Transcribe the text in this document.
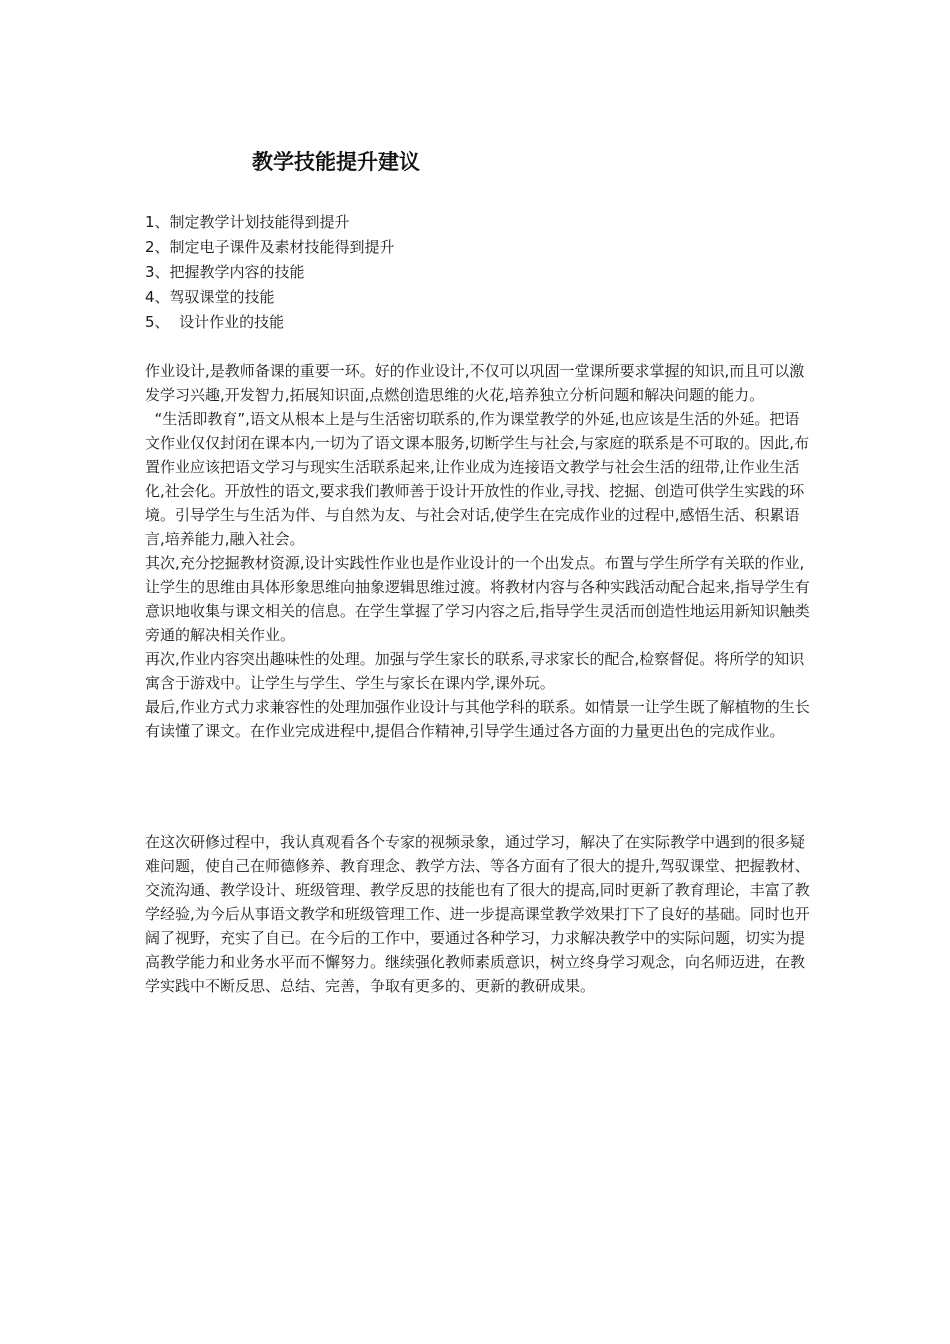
教学技能提升建议
1、制定教学计划技能得到提升
2、制定电子课件及素材技能得到提升
3、把握教学内容的技能
4、驾驭课堂的技能
5、  设计作业的技能

作业设计,是教师备课的重要一环。好的作业设计,不仅可以巩固一堂课所要求掌握的知识,而且可以激发学习兴趣,开发智力,拓展知识面,点燃创造思维的火花,培养独立分析问题和解决问题的能力。

“生活即教育”,语文从根本上是与生活密切联系的,作为课堂教学的外延,也应该是生活的外延。把语文作业仅仅封闭在课本内,一切为了语文课本服务,切断学生与社会,与家庭的联系是不可取的。因此,布置作业应该把语文学习与现实生活联系起来,让作业成为连接语文教学与社会生活的纽带,让作业生活化,社会化。开放性的语文,要求我们教师善于设计开放性的作业,寻找、挖掘、创造可供学生实践的环境。引导学生与生活为伴、与自然为友、与社会对话,使学生在完成作业的过程中,感悟生活、积累语言,培养能力,融入社会。

其次,充分挖掘教材资源,设计实践性作业也是作业设计的一个出发点。布置与学生所学有关联的作业,让学生的思维由具体形象思维向抽象逻辑思维过渡。将教材内容与各种实践活动配合起来,指导学生有意识地收集与课文相关的信息。在学生掌握了学习内容之后,指导学生灵活而创造性地运用新知识触类旁通的解决相关作业。

再次,作业内容突出趣味性的处理。加强与学生家长的联系,寻求家长的配合,检察督促。将所学的知识寓含于游戏中。让学生与学生、学生与家长在课内学,课外玩。

最后,作业方式力求兼容性的处理加强作业设计与其他学科的联系。如情景一让学生既了解植物的生长有读懂了课文。在作业完成进程中,提倡合作精神,引导学生通过各方面的力量更出色的完成作业。

在这次研修过程中，我认真观看各个专家的视频录象，通过学习，解决了在实际教学中遇到的很多疑难问题，使自己在师德修养、教育理念、教学方法、等各方面有了很大的提升,驾驭课堂、把握教材、交流沟通、教学设计、班级管理、教学反思的技能也有了很大的提高,同时更新了教育理论，丰富了教学经验,为今后从事语文教学和班级管理工作、进一步提高课堂教学效果打下了良好的基础。同时也开阔了视野，充实了自已。在今后的工作中，要通过各种学习，力求解决教学中的实际问题，切实为提高教学能力和业务水平而不懈努力。继续强化教师素质意识，树立终身学习观念，向名师迈进，在教学实践中不断反思、总结、完善，争取有更多的、更新的教研成果。
